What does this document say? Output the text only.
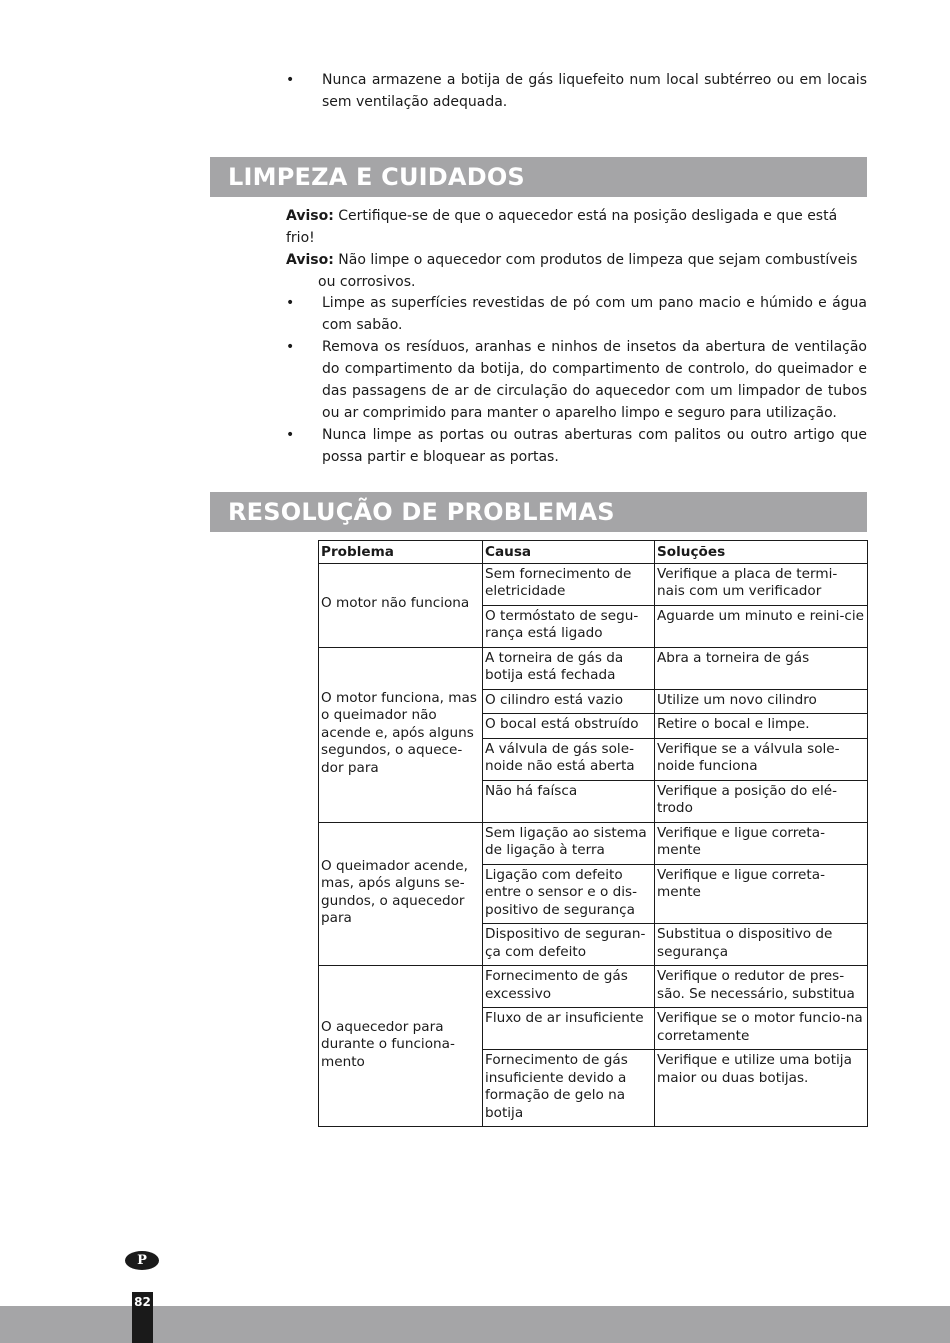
•	Nunca armazene a botija de gás liquefeito num local subtérreo ou em locais sem ventilação adequada.
LIMPEZA E CUIDADOS
Aviso: Certifique-se de que o aquecedor está na posição desligada e que está frio!
Aviso: Não limpe o aquecedor com produtos de limpeza que sejam combustíveis
ou corrosivos.
•	Limpe as superfícies revestidas de pó com um pano macio e húmido e água com sabão.
•	Remova os resíduos, aranhas e ninhos de insetos da abertura de ventilação do compartimento da botija, do compartimento de controlo, do queimador e das passagens de ar de circulação do aquecedor com um limpador de tubos ou ar comprimido para manter o aparelho limpo e seguro para utilização.
•	Nunca limpe as portas ou outras aberturas com palitos ou outro artigo que possa partir e bloquear as portas.
RESOLUÇÃO DE PROBLEMAS
Problema	Causa	Soluções
O motor não funciona	Sem fornecimento de eletricidade	Verifique a placa de termi-nais com um verificador
	O termóstato de segu-rança está ligado	Aguarde um minuto e reini-cie
O motor funciona, mas o queimador não acende e, após alguns segundos, o aquece-dor para	A torneira de gás da botija está fechada	Abra a torneira de gás
	O cilindro está vazio	Utilize um novo cilindro
	O bocal está obstruído	Retire o bocal e limpe.
	A válvula de gás sole-noide não está aberta	Verifique se a válvula sole-noide funciona
	Não há faísca	Verifique a posição do elé-trodo
O queimador acende, mas, após alguns se-gundos, o aquecedor para	Sem ligação ao sistema de ligação à terra	Verifique e ligue correta-mente
	Ligação com defeito entre o sensor e o dis-positivo de segurança	Verifique e ligue correta-mente
	Dispositivo de seguran-ça com defeito	Substitua o dispositivo de segurança
O aquecedor para durante o funciona-mento	Fornecimento de gás excessivo	Verifique o redutor de pres-são. Se necessário, substitua
	Fluxo de ar insuficiente	Verifique se o motor funcio-na corretamente
	Fornecimento de gás insuficiente devido a formação de gelo na botija	Verifique e utilize uma botija maior ou duas botijas.
P
82
